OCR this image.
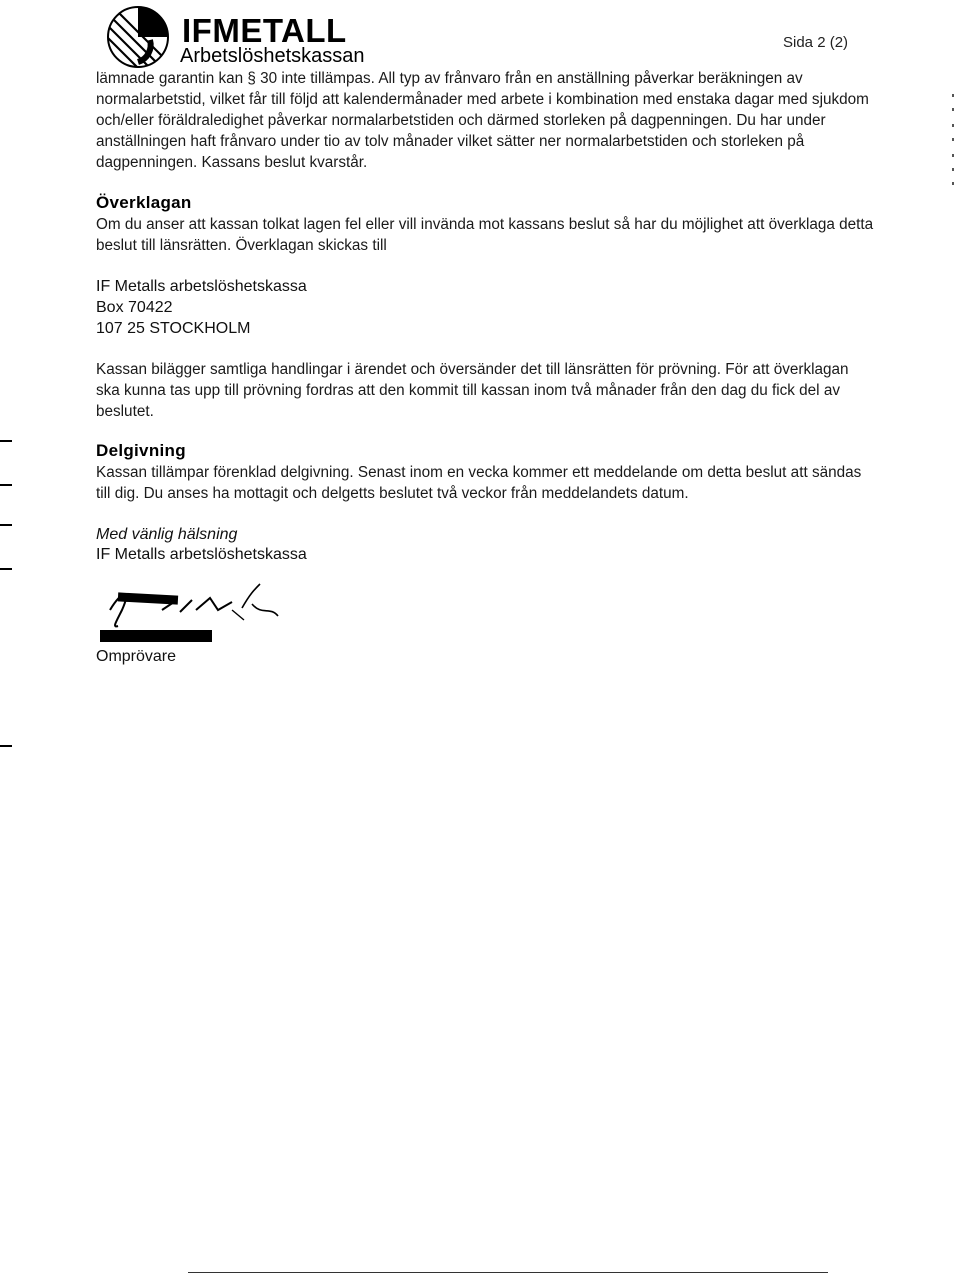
IFMETALL
Arbetslöshetskassan
Sida 2 (2)
lämnade garantin kan § 30 inte tillämpas. All typ av frånvaro från en anställning påverkar beräkningen av normalarbetstid, vilket får till följd att kalendermånader med arbete i kombination med enstaka dagar med sjukdom och/eller föräldraledighet påverkar normalarbetstiden och därmed storleken på dagpenningen. Du har under anställningen haft frånvaro under tio av tolv månader vilket sätter ner normalarbetstiden och storleken på dagpenningen. Kassans beslut kvarstår.
Överklagan
Om du anser att kassan tolkat lagen fel eller vill invända mot kassans beslut så har du möjlighet att överklaga detta beslut till länsrätten. Överklagan skickas till
IF Metalls arbetslöshetskassa
Box 70422
107 25 STOCKHOLM
Kassan bilägger samtliga handlingar i ärendet och översänder det till länsrätten för prövning. För att överklagan ska kunna tas upp till prövning fordras att den kommit till kassan inom två månader från den dag du fick del av beslutet.
Delgivning
Kassan tillämpar förenklad delgivning. Senast inom en vecka kommer ett meddelande om detta beslut att sändas till dig. Du anses ha mottagit och delgetts beslutet två veckor från meddelandets datum.
Med vänlig hälsning
IF Metalls arbetslöshetskassa
Omprövare
